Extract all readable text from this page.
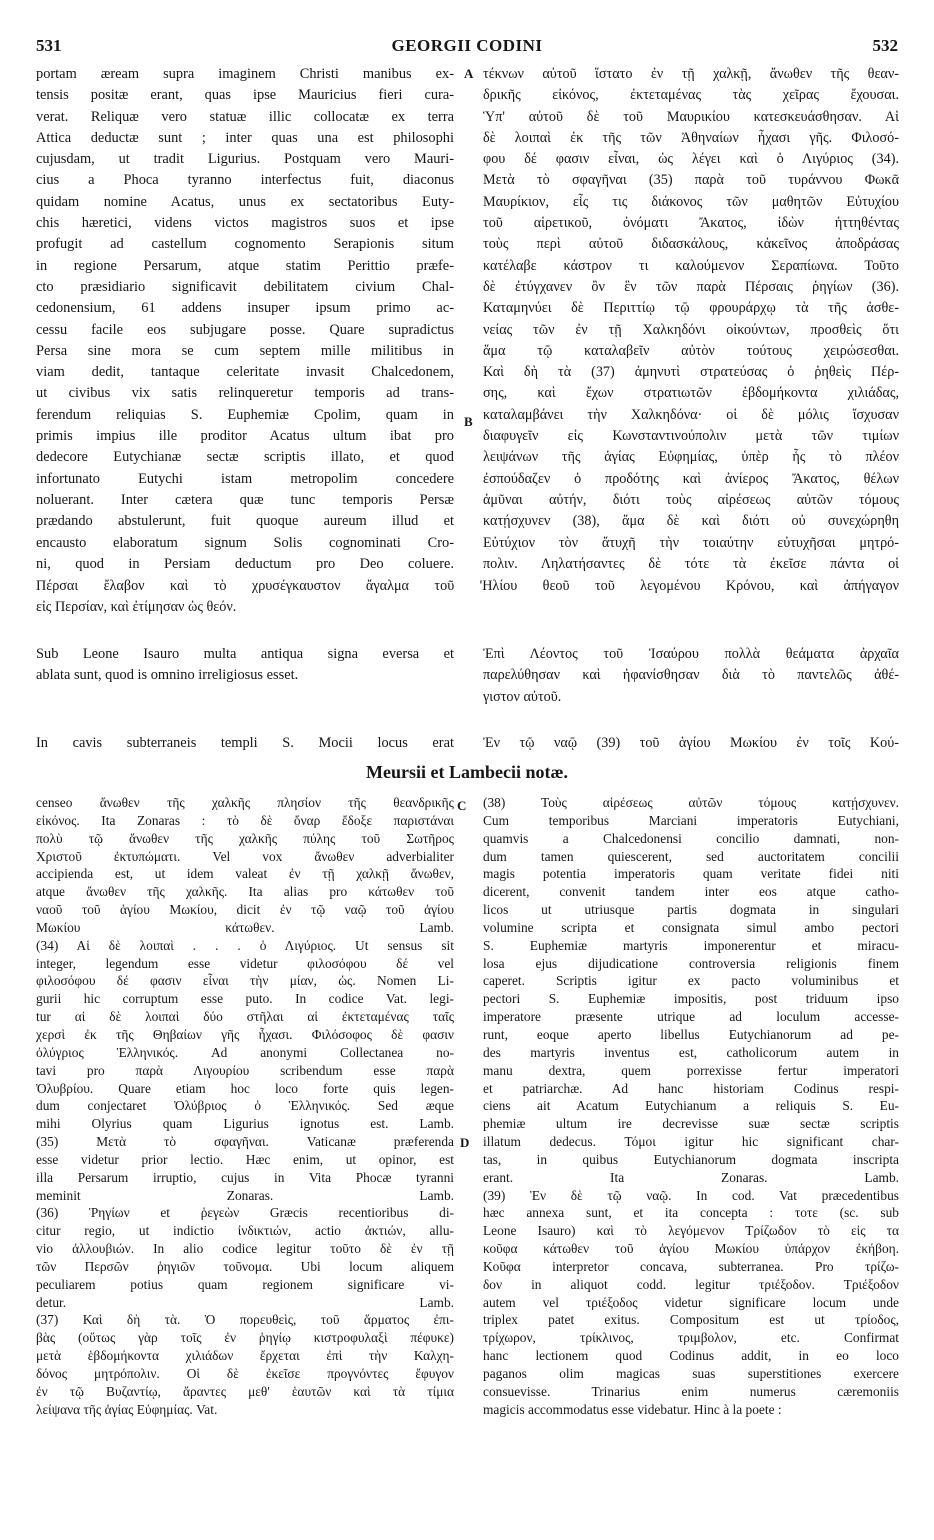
531	GEORGII CODINI	532

portam æream supra imaginem Christi manibus ex-

tensis positæ erant, quas ipse Mauricius fieri cura-

verat. Reliquæ vero statuæ illic collocatæ ex terra

Attica deductæ sunt ; inter quas una est philosophi

cujusdam, ut tradit Ligurius. Postquam vero Mauri-

cius a Phoca tyranno interfectus fuit, diaconus

quidam nomine Acatus, unus ex sectatoribus Euty-

chis hæretici, videns victos magistros suos et ipse

profugit ad castellum cognomento Serapionis situm

in regione Persarum, atque statim Perittio præfe-

cto præsidiario significavit debilitatem civium Chal-

cedonensium, 61 addens insuper ipsum primo ac-

cessu facile eos subjugare posse. Quare supradictus

Persa sine mora se cum septem mille militibus in

viam dedit, tantaque celeritate invasit Chalcedonem,

ut civibus vix satis relinqueretur temporis ad trans-

ferendum reliquias S. Euphemiæ Cpolim, quam in

primis impius ille proditor Acatus ultum ibat pro

dedecore Eutychianæ sectæ scriptis illato, et quod

infortunato Eutychi istam metropolim concedere

noluerant. Inter cætera quæ tunc temporis Persæ

prædando abstulerunt, fuit quoque aureum illud et

encausto elaboratum signum Solis cognominati Cro-

ni, quod in Persiam deductum pro Deo coluere.

τέκνων αὐτοῦ ἵστατο ἐν τῇ χαλκῇ, ἄνωθεν τῆς θεαν-

δρικῆς εἰκόνος, ἐκτεταμένας τὰς χεῖρας ἔχουσαι.

Ὑπ' αὐτοῦ δὲ τοῦ Μαυρικίου κατεσκευάσθησαν. Αἱ

δὲ λοιπαὶ ἐκ τῆς τῶν Ἀθηναίων ἦχασι γῆς. Φιλοσό-

φου δέ φασιν εἶναι, ὡς λέγει καὶ ὁ Λιγύριος (34).

Μετὰ τὸ σφαγῆναι (35) παρὰ τοῦ τυράννου Φωκᾶ

Μαυρίκιον, εἷς τις διάκονος τῶν μαθητῶν Εὐτυχίου

τοῦ αἱρετικοῦ, ὀνόματι Ἄκατος, ἰδὼν ἡττηθέντας

τοὺς περὶ αὐτοῦ διδασκάλους, κἀκεῖνος ἀποδράσας

κατέλαβε κάστρον τι καλούμενον Σεραπίωνα. Τοῦτο

δὲ ἐτύγχανεν ὂν ἓν τῶν παρὰ Πέρσαις ῥηγίων (36).

Καταμηνύει δὲ Περιττίῳ τῷ φρουράρχῳ τὰ τῆς ἀσθε-

νείας τῶν ἐν τῇ Χαλκηδόνι οἰκούντων, προσθεὶς ὅτι

ἅμα τῷ καταλαβεῖν αὐτὸν τούτους χειρώσεσθαι.

Καὶ δὴ τὰ (37) ἀμηνυτὶ στρατεύσας ὁ ῥηθεὶς Πέρ-

σης, καὶ ἔχων στρατιωτῶν ἑβδομήκοντα χιλιάδας,

καταλαμβάνει τὴν Χαλκηδόνα· οἱ δὲ μόλις ἴσχυσαν

διαφυγεῖν εἰς Κωνσταντινούπολιν μετὰ τῶν τιμίων

λειψάνων τῆς ἁγίας Εὐφημίας, ὑπὲρ ἧς τὸ πλέον

ἐσπούδαζεν ὁ προδότης καὶ ἀνίερος Ἄκατος, θέλων

ἀμῦναι αὐτήν, διότι τοὺς αἱρέσεως αὐτῶν τόμους

κατῄσχυνεν (38), ἅμα δὲ καὶ διότι οὐ συνεχώρηθη

Εὐτύχιον τὸν ἄτυχῆ τὴν τοιαύτην εὐτυχῆσαι μητρό-

πολιν. Ληλατήσαντες δὲ τότε τὰ ἐκεῖσε πάντα οἱ

A
B

Πέρσαι ἔλαβον καὶ τὸ χρυσέγκαυστον ἄγαλμα τοῦ 'Ηλίου θεοῦ τοῦ λεγομένου Κρόνου, καὶ ἀπήγαγον

εἰς Περσίαν, καὶ ἐτίμησαν ὡς θεόν.

Sub Leone Isauro multa antiqua signa eversa et

ablata sunt, quod is omnino irreligiosus esset.

Ἐπὶ Λέοντος τοῦ Ἰσαύρου πολλὰ θεάματα ἀρχαῖα

παρελύθησαν καὶ ἠφανίσθησαν διὰ τὸ παντελῶς ἀθέ-

γιστον αὐτοῦ.

In cavis subterraneis templi S. Mocii locus erat Ἐν τῷ ναῷ (39) τοῦ ἁγίου Μωκίου ἐν τοῖς Κού-

Meursii et Lambecii notæ.

censeo ἄνωθεν τῆς χαλκῆς πλησίον τῆς θεανδρικῆς

εἰκόνος. Ita Zonaras : τὸ δὲ ὄναρ ἔδοξε παριστάναι

πολὺ τῷ ἄνωθεν τῆς χαλκῆς πύλης τοῦ Σωτῆρος

Χριστοῦ ἐκτυπώματι. Vel vox ἄνωθεν adverbialiter

accipienda est, ut idem valeat ἐν τῇ χαλκῇ ἄνωθεν,

atque ἄνωθεν τῆς χαλκῆς. Ita alias pro κάτωθεν τοῦ

ναοῦ τοῦ ἁγίου Μωκίου, dicit ἐν τῷ ναῷ τοῦ ἁγίου

Μωκίου κάτωθεν. Lamb.

(34) Αἱ δὲ λοιπαὶ . . . ὁ Λιγύριος. Ut sensus sit

integer, legendum esse videtur φιλοσόφου δέ vel

φιλοσόφου δέ φασιν εἶναι τὴν μίαν, ὡς. Nomen Li-

gurii hic corruptum esse puto. In codice Vat. legi-

tur αἱ δὲ λοιπαὶ δύο στῆλαι αἱ ἐκτεταμένας ταῖς

χερσὶ ἐκ τῆς Θηβαίων γῆς ἦχασι. Φιλόσοφος δὲ φασιν

ὀλύγριος Ἑλληνικός. Ad anonymi Collectanea no-

tavi pro παρὰ Λιγουρίου scribendum esse παρὰ

Ὀλυβρίου. Quare etiam hoc loco forte quis legen-

dum conjectaret Ὀλύβριος ὁ Ἑλληνικός. Sed æque

mihi Olyrius quam Ligurius ignotus est. Lamb.

(35) Μετὰ τὸ σφαγῆναι. Vaticanæ præferenda

esse videtur prior lectio. Hæc enim, ut opinor, est

illa Persarum irruptio, cujus in Vita Phocæ tyranni

meminit Zonaras. Lamb.

(36) Ῥηγίων et ῥεγεὼν Græcis recentioribus di-

citur regio, ut indictio ἰνδικτιών, actio ἀκτιών, allu-

vio ἀλλουβιών. In alio codice legitur τοῦτο δὲ ἐν τῇ

τῶν Περσῶν ῥηγιῶν τοῦνομα. Ubi locum aliquem

peculiarem potius quam regionem significare vi-

detur. Lamb.

(37) Καὶ δὴ τὰ. Ὁ πορευθεὶς, τοῦ ἅρματος ἐπι-

βὰς (οὕτως γὰρ τοῖς ἐν ῥηγίῳ κιστροφυλαξὶ πέφυκε)

μετὰ ἑβδομήκοντα χιλιάδων ἔρχεται ἐπὶ τὴν Καλχη-

δόνος μητρόπολιν. Οἱ δὲ ἐκεῖσε προγνόντες ἔφυγον

ἐν τῷ Βυζαντίῳ, ἄραντες μεθ' ἑαυτῶν καὶ τὰ τίμια

λείψανα τῆς ἁγίας Εὐφημίας. Vat.

(38) Τοὺς αἱρέσεως αὐτῶν τόμους κατῄσχυνεν.

Cum temporibus Marciani imperatoris Eutychiani,

quamvis a Chalcedonensi concilio damnati, non-

dum tamen quiescerent, sed auctoritatem concilii

magis potentia imperatoris quam veritate fidei niti

dicerent, convenit tandem inter eos atque catho-

licos ut utriusque partis dogmata in singulari

volumine scripta et consignata simul ambo pectori

S. Euphemiæ martyris imponerentur et miracu-

losa ejus dijudicatione controversia religionis finem

caperet. Scriptis igitur ex pacto voluminibus et

pectori S. Euphemiæ impositis, post triduum ipso

imperatore præsente utrique ad loculum accesse-

runt, eoque aperto libellus Eutychianorum ad pe-

des martyris inventus est, catholicorum autem in

manu dextra, quem porrexisse fertur imperatori

et patriarchæ. Ad hanc historiam Codinus respi-

ciens ait Acatum Eutychianum a reliquis S. Eu-

phemiæ ultum ire decrevisse suæ sectæ scriptis

illatum dedecus. Τόμοι igitur hic significant char-

tas, in quibus Eutychianorum dogmata inscripta

erant. Ita Zonaras. Lamb.

(39) Ἐν δὲ τῷ ναῷ. In cod. Vat præcedentibus

hæc annexa sunt, et ita concepta : τοτε (sc. sub

Leone Isauro) καὶ τὸ λεγόμενον Τρίζωδον τὸ εἰς τα

κοῦφα κάτωθεν τοῦ ἁγίου Μωκίου ὑπάρχον ἐκήβοη.

Κοῦφα interpretor concava, subterranea. Pro τρίζω-

δον in aliquot codd. legitur τριέξοδον. Τριέξοδον

autem vel τριέξοδος videtur significare locum unde

triplex patet exitus. Compositum est ut τρίοδος,

τρίχωρον, τρίκλινος, τριμβολον, etc. Confirmat

hanc lectionem quod Codinus addit, in eo loco

paganos olim magicas suas superstitiones exercere

consuevisse. Trinarius enim numerus cæremoniis

magicis accommodatus esse videbatur. Hinc à la poete :

C
D
